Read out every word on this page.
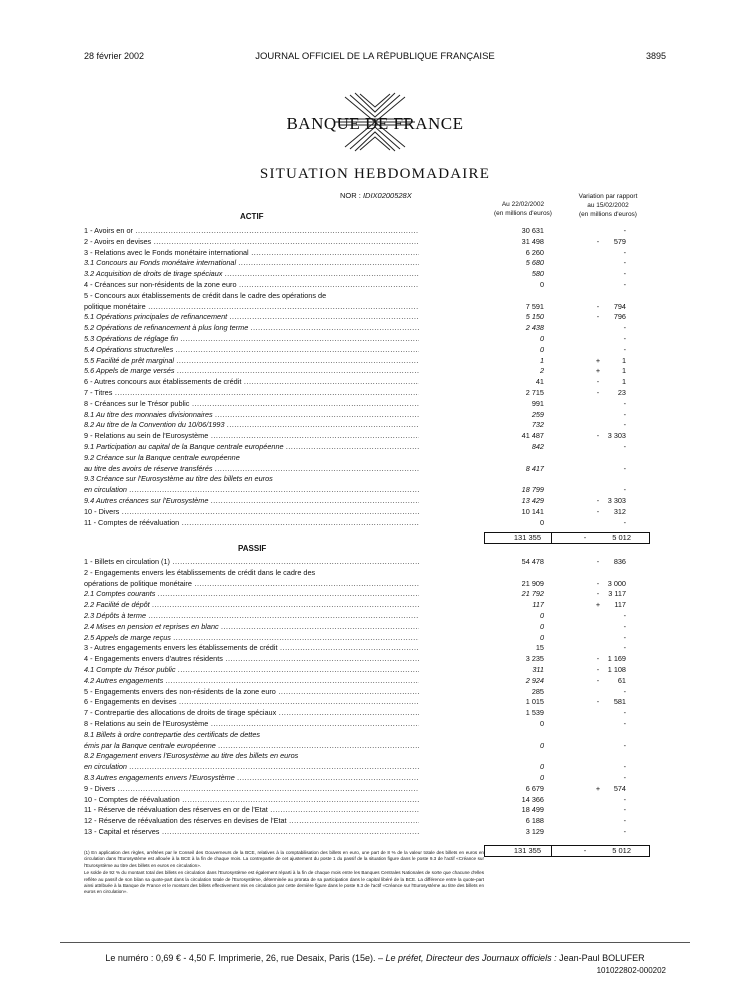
28 février 2002	JOURNAL OFFICIEL DE LA RÉPUBLIQUE FRANÇAISE	3895
BANQUE DE FRANCE
SITUATION HEBDOMADAIRE
NOR : IDIX0200528X
Au 22/02/2002
(en millions d'euros)
Variation par rapport
au 15/02/2002
(en millions d'euros)
ACTIF
1 - Avoirs en or .....	30 631	-
2 - Avoirs en devises .....	31 498	-	579
3 - Relations avec le Fonds monétaire international .....	6 260	-
3.1 Concours au Fonds monétaire international .....	5 680	-
3.2 Acquisition de droits de tirage spéciaux .....	580	-
4 - Créances sur non-résidents de la zone euro .....	0	-
5 - Concours aux établissements de crédit dans le cadre des opérations de
politique monétaire .....	7 591	-	794
5.1 Opérations principales de refinancement .....	5 150	-	796
5.2 Opérations de refinancement à plus long terme .....	2 438	-
5.3 Opérations de réglage fin .....	0	-
5.4 Opérations structurelles .....	0	-
5.5 Facilité de prêt marginal .....	1	+	1
5.6 Appels de marge versés .....	2	+	1
6 - Autres concours aux établissements de crédit .....	41	-	1
7 - Titres .....	2 715	-	23
8 - Créances sur le Trésor public .....	991	-
8.1 Au titre des monnaies divisionnaires .....	259	-
8.2 Au titre de la Convention du 10/06/1993 .....	732	-
9 - Relations au sein de l'Eurosystème .....	41 487	-	3 303
9.1 Participation au capital de la Banque centrale européenne .....	842	-
9.2 Créance sur la Banque centrale européenne
au titre des avoirs de réserve transférés .....	8 417	-
9.3 Créance sur l'Eurosystème au titre des billets en euros
en circulation .....	18 799	-
9.4 Autres créances sur l'Eurosystème .....	13 429	-	3 303
10 - Divers .....	10 141	-	312
11 - Comptes de réévaluation .....	0	-
131 355	-	5 012
PASSIF
1 - Billets en circulation (1) .....	54 478	-	836
2 - Engagements envers les établissements de crédit dans le cadre des
opérations de politique monétaire .....	21 909	-	3 000
2.1 Comptes courants .....	21 792	-	3 117
2.2 Facilité de dépôt .....	117	+	117
2.3 Dépôts à terme .....	0	-
2.4 Mises en pension et reprises en blanc .....	0	-
2.5 Appels de marge reçus .....	0	-
3 - Autres engagements envers les établissements de crédit .....	15	-
4 - Engagements envers d'autres résidents .....	3 235	-	1 169
4.1 Compte du Trésor public .....	311	-	1 108
4.2 Autres engagements .....	2 924	-	61
5 - Engagements envers des non-résidents de la zone euro .....	285	-
6 - Engagements en devises .....	1 015	-	581
7 - Contrepartie des allocations de droits de tirage spéciaux .....	1 539	-
8 - Relations au sein de l'Eurosystème .....	0	-
8.1 Billets à ordre contrepartie des certificats de dettes
émis par la Banque centrale européenne .....	0	-
8.2 Engagement envers l'Eurosystème au titre des billets en euros
en circulation .....	0	-
8.3 Autres engagements envers l'Eurosystème .....	0	-
9 - Divers .....	6 679	+	574
10 - Comptes de réévaluation .....	14 366	-
11 - Réserve de réévaluation des réserves en or de l'Etat .....	18 499	-
12 - Réserve de réévaluation des réserves en devises de l'Etat .....	6 188	-
13 - Capital et réserves .....	3 129	-
131 355	-	5 012
(1) En application des règles, arrêtées par le Conseil des Gouverneurs de la BCE, relatives à la comptabilisation des billets en euro, une part de 8 % de la valeur totale des billets en euros en circulation dans l'Eurosystème est allouée à la BCE à la fin de chaque mois. La contrepartie de cet ajustement du poste 1 du passif de la situation figure dans le poste 9.3 de l'actif «Créance sur l'Eurosystème au titre des billets en euros en circulation».
Le solde de 92 % du montant total des billets en circulation dans l'Eurosystème est également réparti à la fin de chaque mois entre les Banques Centrales Nationales de sorte que chacune d'elles reflète au passif de son bilan sa quote-part dans la circulation totale de l'Eurosystème, déterminée au prorata de sa participation dans le capital libéré de la BCE. La différence entre la quote-part ainsi attribuée à la Banque de France et le montant des billets effectivement mis en circulation par cette dernière figure dans le poste 9.3 de l'actif «Créance sur l'Eurosystème au titre des billets en euros en circulation».
Le numéro : 0,69 € - 4,50 F. Imprimerie, 26, rue Desaix, Paris (15e). – Le préfet, Directeur des Journaux officiels : Jean-Paul BOLUFER
101022802-000202
